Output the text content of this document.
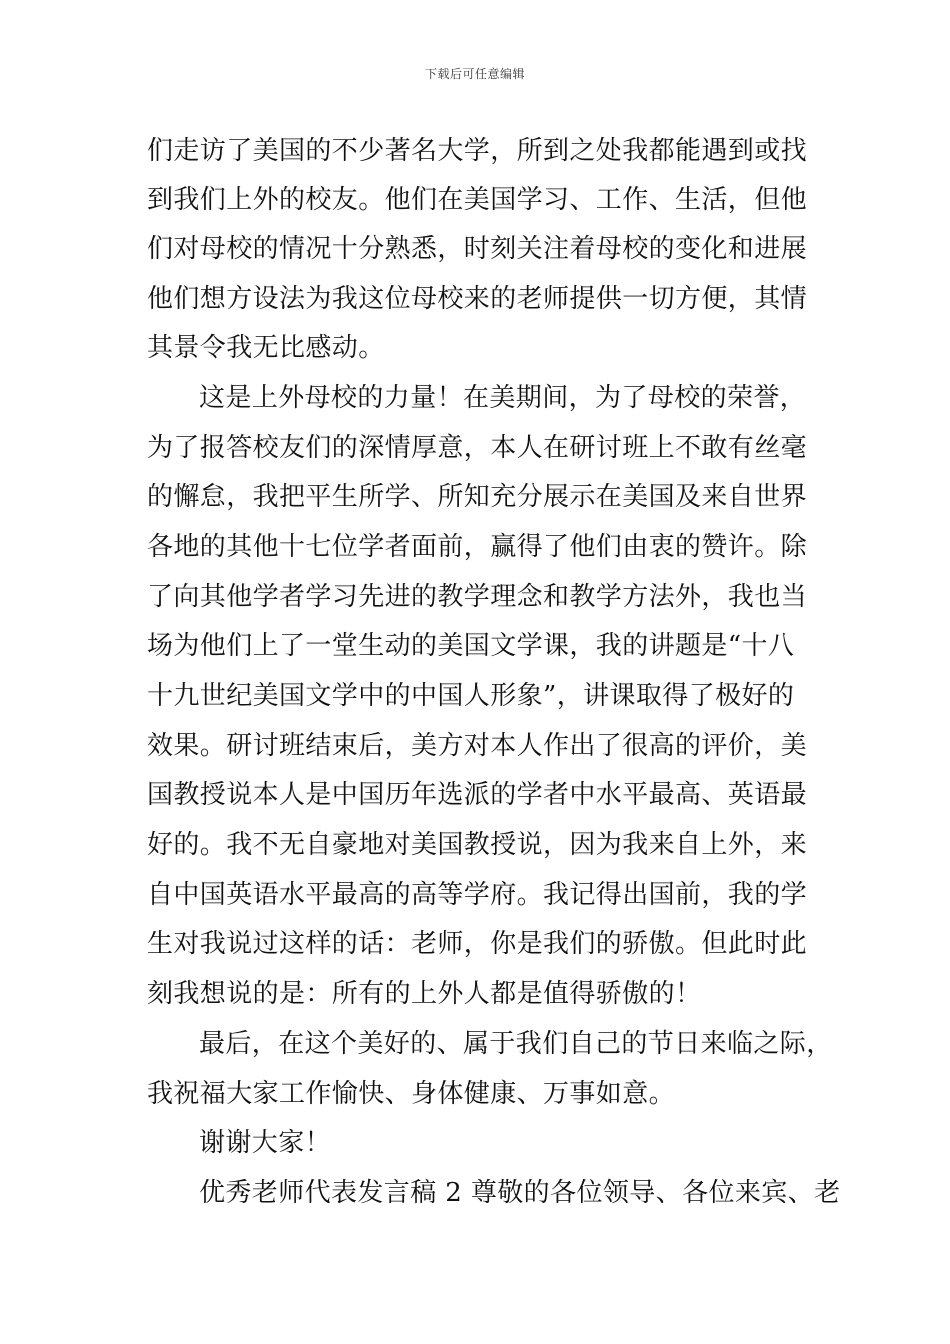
下载后可任意编辑
们走访了美国的不少著名大学，所到之处我都能遇到或找
到我们上外的校友。他们在美国学习、工作、生活，但他
们对母校的情况十分熟悉，时刻关注着母校的变化和进展
他们想方设法为我这位母校来的老师提供一切方便，其情
其景令我无比感动。
这是上外母校的力量！在美期间，为了母校的荣誉，
为了报答校友们的深情厚意，本人在研讨班上不敢有丝毫
的懈怠，我把平生所学、所知充分展示在美国及来自世界
各地的其他十七位学者面前，赢得了他们由衷的赞许。除
了向其他学者学习先进的教学理念和教学方法外，我也当
场为他们上了一堂生动的美国文学课，我的讲题是“十八
十九世纪美国文学中的中国人形象”，讲课取得了极好的
效果。研讨班结束后，美方对本人作出了很高的评价，美
国教授说本人是中国历年选派的学者中水平最高、英语最
好的。我不无自豪地对美国教授说，因为我来自上外，来
自中国英语水平最高的高等学府。我记得出国前，我的学
生对我说过这样的话：老师，你是我们的骄傲。但此时此
刻我想说的是：所有的上外人都是值得骄傲的！
最后，在这个美好的、属于我们自己的节日来临之际，
我祝福大家工作愉快、身体健康、万事如意。
谢谢大家！
优秀老师代表发言稿 2 尊敬的各位领导、各位来宾、老
